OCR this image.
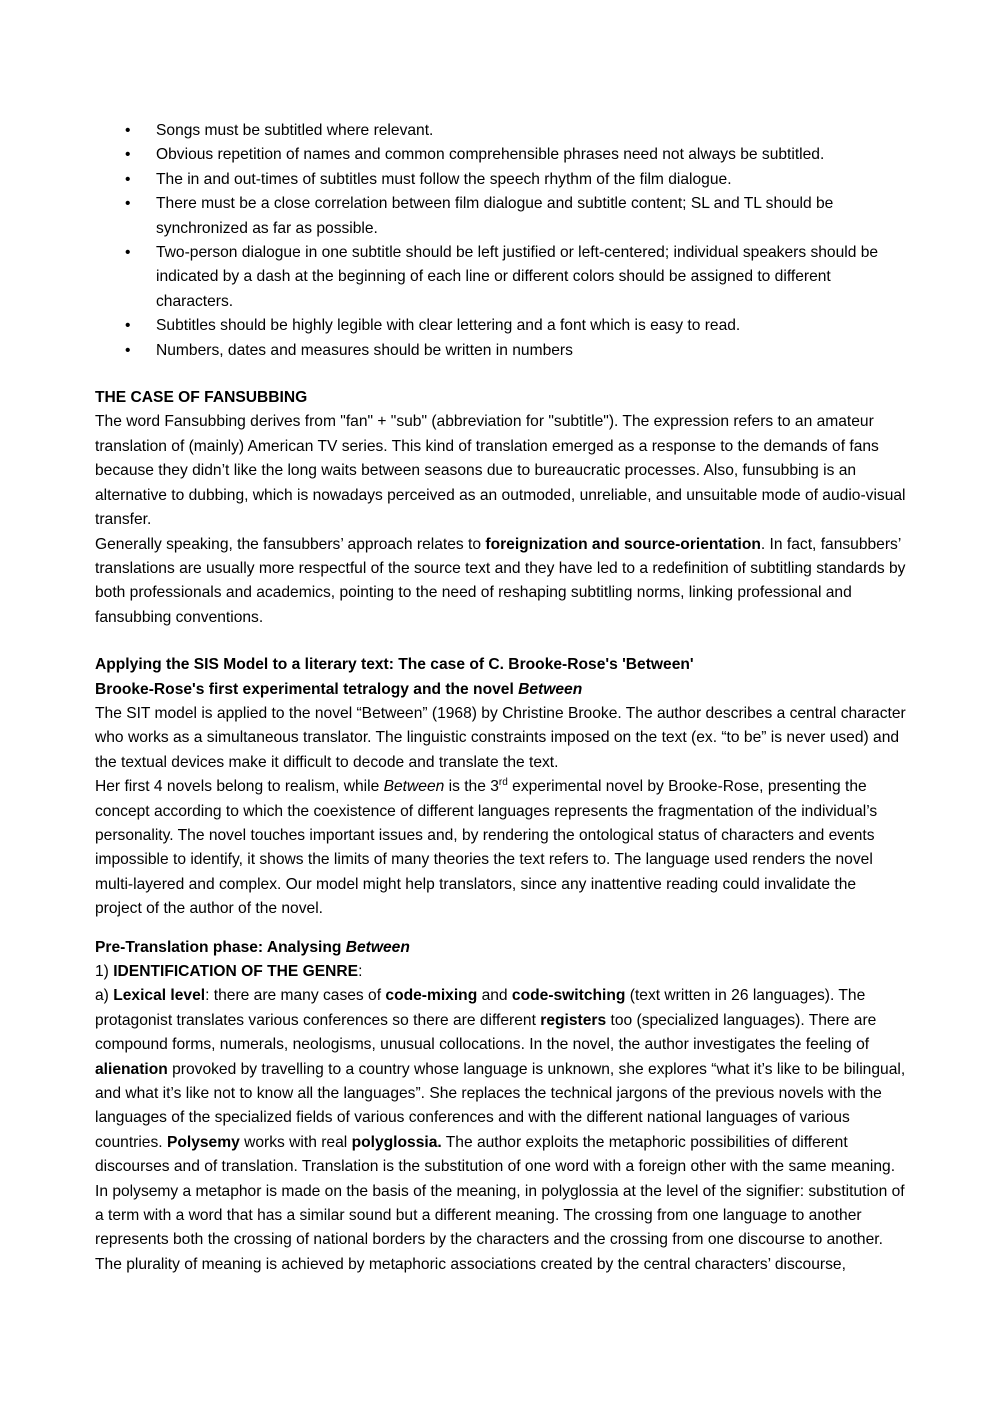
• Songs must be subtitled where relevant.
• Obvious repetition of names and common comprehensible phrases need not always be subtitled.
• The in and out-times of subtitles must follow the speech rhythm of the film dialogue.
• There must be a close correlation between film dialogue and subtitle content; SL and TL should be synchronized as far as possible.
• Two-person dialogue in one subtitle should be left justified or left-centered; individual speakers should be indicated by a dash at the beginning of each line or different colors should be assigned to different characters.
• Subtitles should be highly legible with clear lettering and a font which is easy to read.
• Numbers, dates and measures should be written in numbers

THE CASE OF FANSUBBING

The word Fansubbing derives from "fan" + "sub" (abbreviation for "subtitle"). The expression refers to an amateur translation of (mainly) American TV series. This kind of translation emerged as a response to the demands of fans because they didn’t like the long waits between seasons due to bureaucratic processes. Also, funsubbing is an alternative to dubbing, which is nowadays perceived as an outmoded, unreliable, and unsuitable mode of audio-visual transfer.

Generally speaking, the fansubbers’ approach relates to foreignization and source-orientation. In fact, fansubbers’ translations are usually more respectful of the source text and they have led to a redefinition of subtitling standards by both professionals and academics, pointing to the need of reshaping subtitling norms, linking professional and fansubbing conventions.

Applying the SIS Model to a literary text: The case of C. Brooke-Rose's 'Between'

Brooke-Rose's first experimental tetralogy and the novel Between

The SIT model is applied to the novel “Between” (1968) by Christine Brooke. The author describes a central character who works as a simultaneous translator. The linguistic constraints imposed on the text (ex. “to be” is never used) and the textual devices make it difficult to decode and translate the text.

Her first 4 novels belong to realism, while Between is the 3rd experimental novel by Brooke-Rose, presenting the concept according to which the coexistence of different languages represents the fragmentation of the individual’s personality. The novel touches important issues and, by rendering the ontological status of characters and events impossible to identify, it shows the limits of many theories the text refers to. The language used renders the novel multi-layered and complex. Our model might help translators, since any inattentive reading could invalidate the project of the author of the novel.

Pre-Translation phase: Analysing Between

1) IDENTIFICATION OF THE GENRE:

a) Lexical level: there are many cases of code-mixing and code-switching (text written in 26 languages). The protagonist translates various conferences so there are different registers too (specialized languages). There are compound forms, numerals, neologisms, unusual collocations. In the novel, the author investigates the feeling of alienation provoked by travelling to a country whose language is unknown, she explores “what it’s like to be bilingual, and what it’s like not to know all the languages”. She replaces the technical jargons of the previous novels with the languages of the specialized fields of various conferences and with the different national languages of various countries. Polysemy works with real polyglossia. The author exploits the metaphoric possibilities of different discourses and of translation. Translation is the substitution of one word with a foreign other with the same meaning. In polysemy a metaphor is made on the basis of the meaning, in polyglossia at the level of the signifier: substitution of a term with a word that has a similar sound but a different meaning. The crossing from one language to another represents both the crossing of national borders by the characters and the crossing from one discourse to another. The plurality of meaning is achieved by metaphoric associations created by the central characters’ discourse,
